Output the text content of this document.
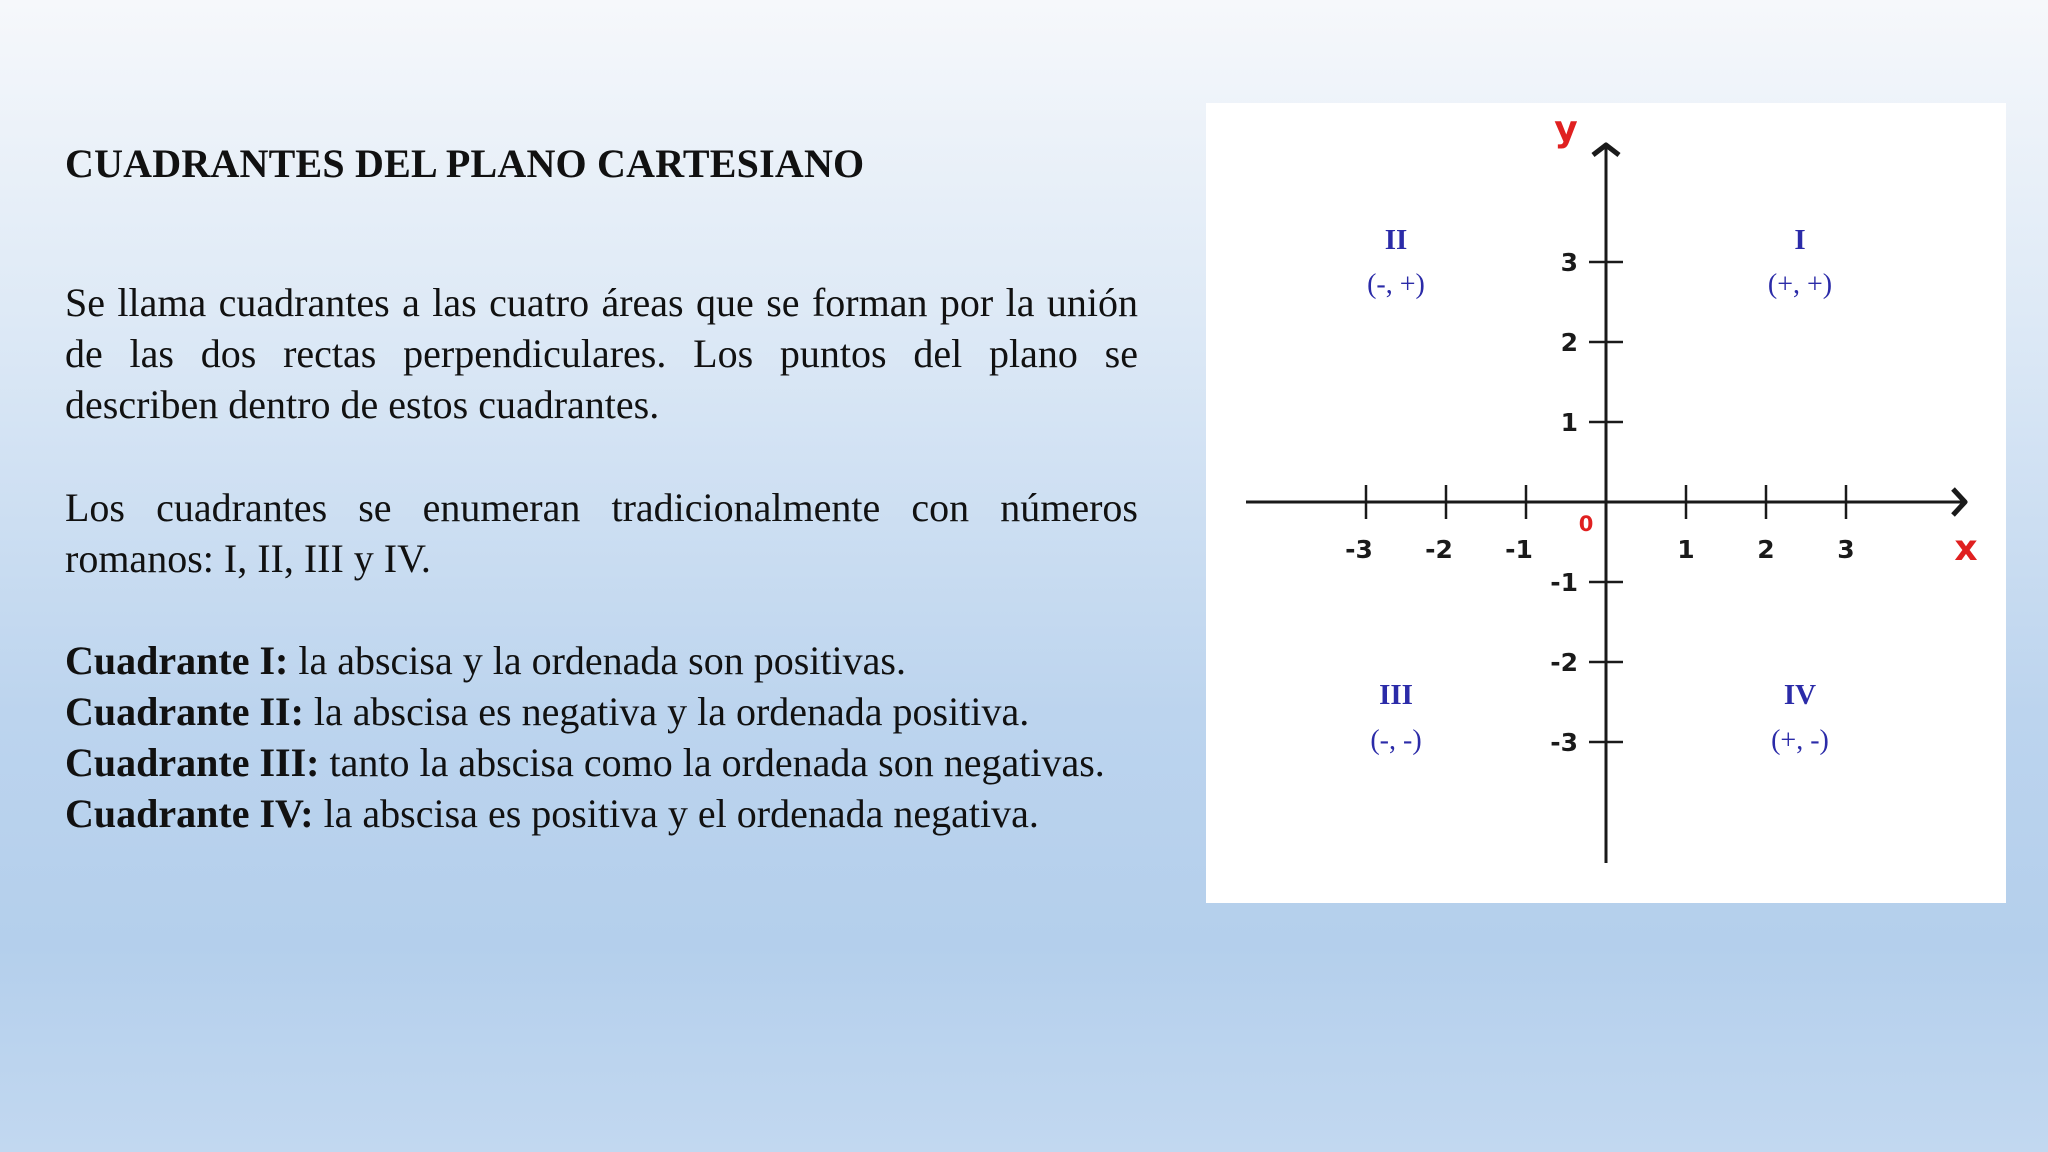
CUADRANTES DEL PLANO CARTESIANO

Se llama cuadrantes a las cuatro áreas que se forman por la unión de las dos rectas perpendiculares. Los puntos del plano se describen dentro de estos cuadrantes.

Los cuadrantes se enumeran tradicionalmente con números romanos: I, II, III y IV.

Cuadrante I: la abscisa y la ordenada son positivas.

Cuadrante II: la abscisa es negativa y la ordenada positiva.

Cuadrante III: tanto la abscisa como la ordenada son negativas.

Cuadrante IV: la abscisa es positiva y el ordenada negativa.

-3 -2 -1	1	2	3
3
2
1
-1
-2
-3
0
x
y
II
(-, +)
I
(+, +)
III
(-, -)
IV
(+, -)
